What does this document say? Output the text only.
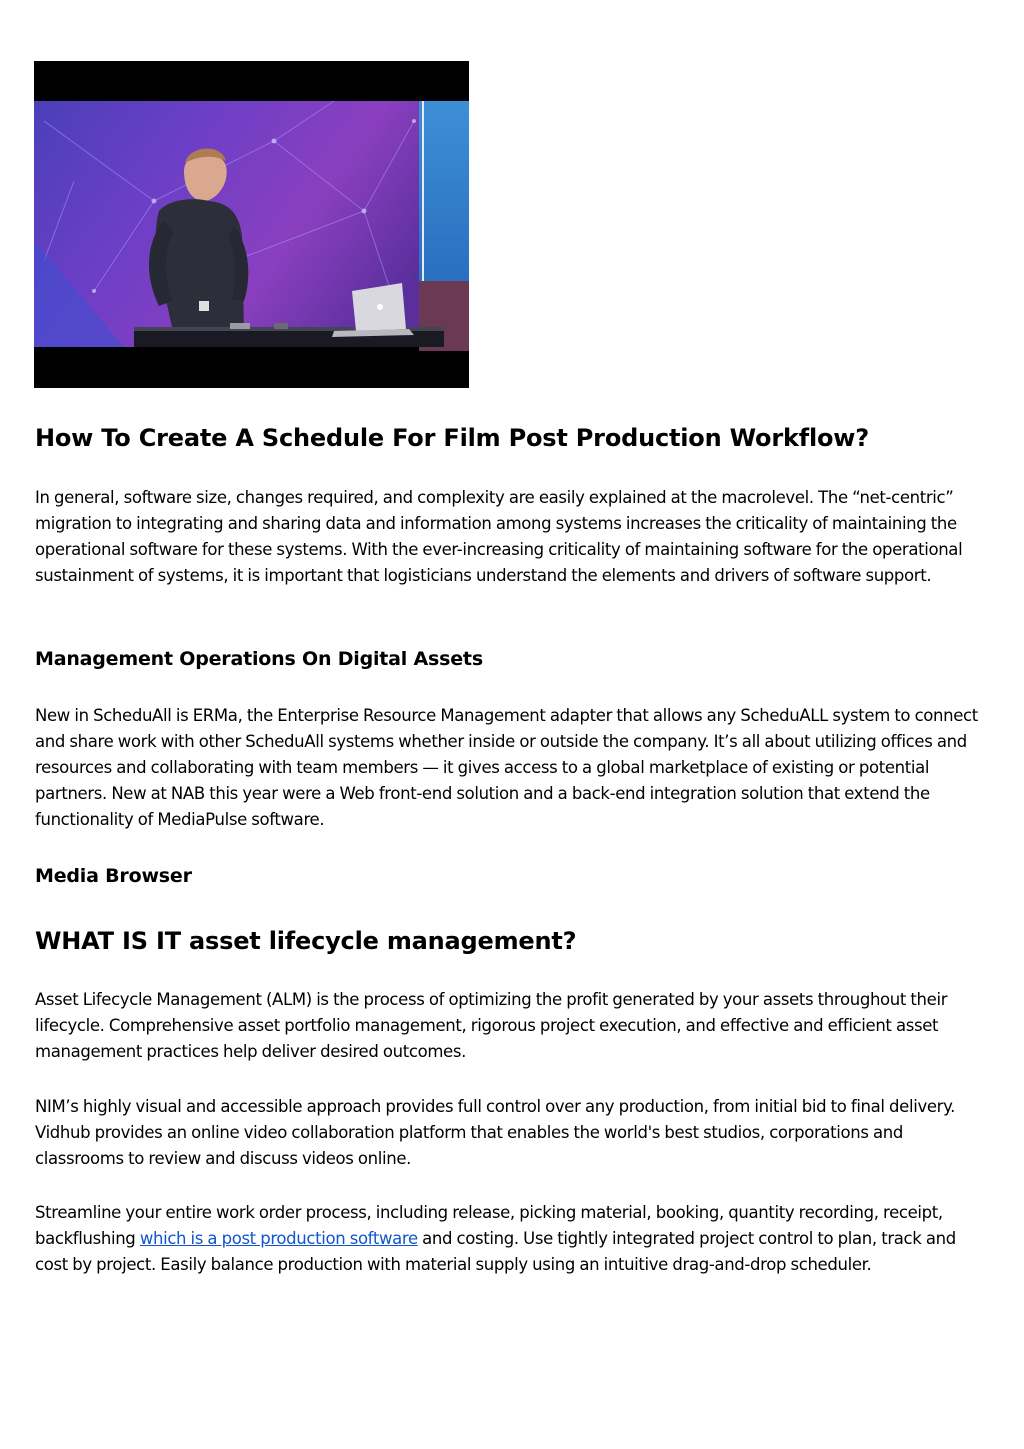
How To Create A Schedule For Film Post Production Workflow?

In general, software size, changes required, and complexity are easily explained at the macrolevel. The “net-centric” migration to integrating and sharing data and information among systems increases the criticality of maintaining the operational software for these systems. With the ever-increasing criticality of maintaining software for the operational sustainment of systems, it is important that logisticians understand the elements and drivers of software support.

Management Operations On Digital Assets

New in ScheduAll is ERMa, the Enterprise Resource Management adapter that allows any ScheduALL system to connect and share work with other ScheduAll systems whether inside or outside the company. It’s all about utilizing offices and resources and collaborating with team members — it gives access to a global marketplace of existing or potential partners. New at NAB this year were a Web front-end solution and a back-end integration solution that extend the functionality of MediaPulse software.

Media Browser
WHAT IS IT asset lifecycle management?

Asset Lifecycle Management (ALM) is the process of optimizing the profit generated by your assets throughout their lifecycle. Comprehensive asset portfolio management, rigorous project execution, and effective and efficient asset management practices help deliver desired outcomes.

NIM’s highly visual and accessible approach provides full control over any production, from initial bid to final delivery. Vidhub provides an online video collaboration platform that enables the world's best studios, corporations and classrooms to review and discuss videos online.

Streamline your entire work order process, including release, picking material, booking, quantity recording, receipt, backflushing which is a post production software and costing. Use tightly integrated project control to plan, track and cost by project. Easily balance production with material supply using an intuitive drag-and-drop scheduler.
